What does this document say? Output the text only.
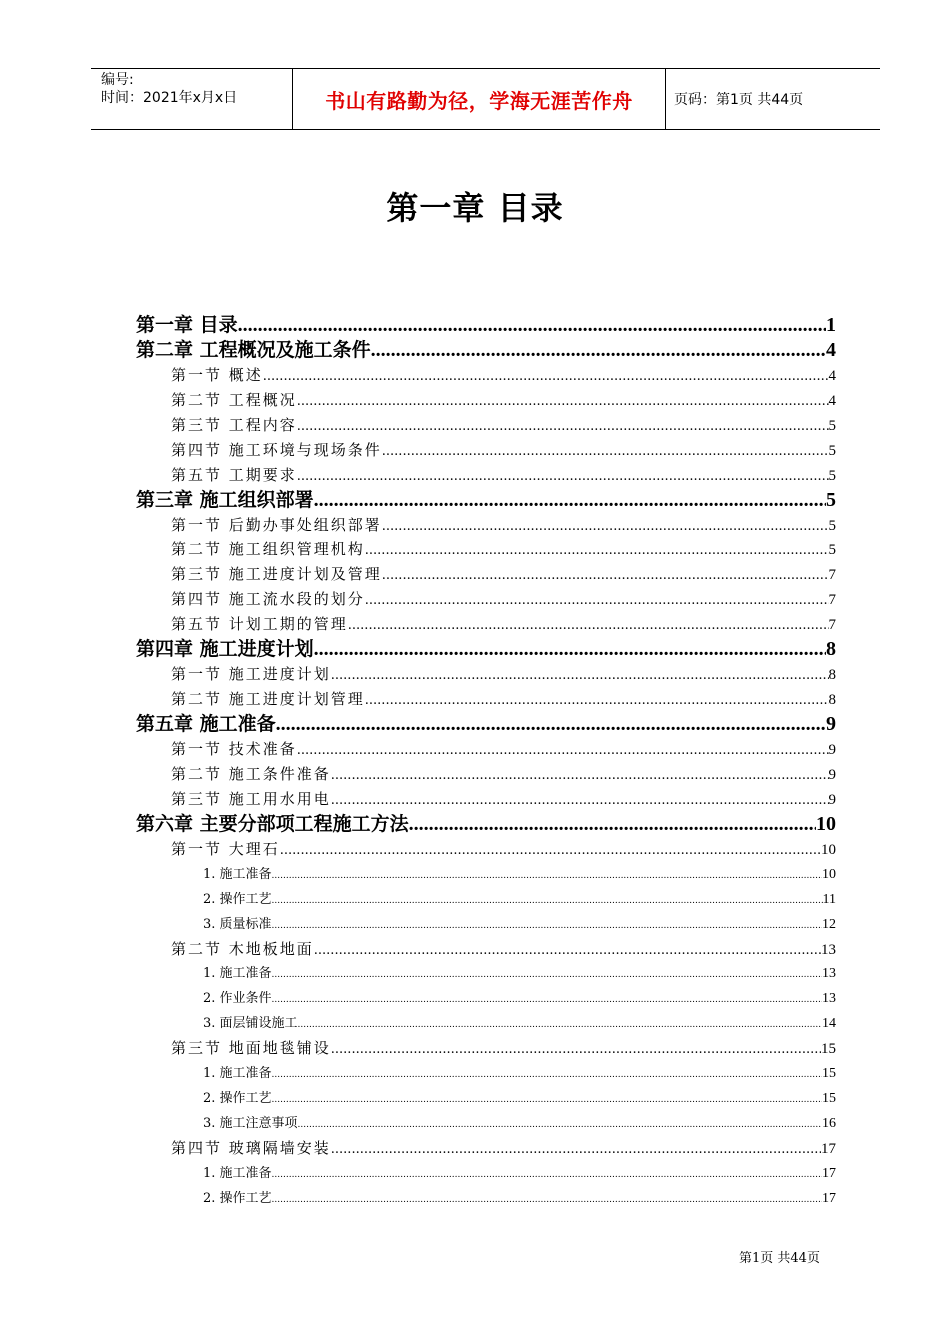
编号:
时间：2021年x月x日	书山有路勤为径，学海无涯苦作舟	页码：第1页 共44页
第一章 目录
第一章 目录 .....	1
第二章 工程概况及施工条件 .....	4
第一节 概述 .....	4
第二节 工程概况 .....	4
第三节 工程内容 .....	5
第四节 施工环境与现场条件 .....	5
第五节 工期要求 .....	5
第三章 施工组织部署 .....	5
第一节 后勤办事处组织部署 .....	5
第二节 施工组织管理机构 .....	5
第三节 施工进度计划及管理 .....	7
第四节 施工流水段的划分 .....	7
第五节 计划工期的管理 .....	7
第四章 施工进度计划 .....	8
第一节 施工进度计划 .....	8
第二节 施工进度计划管理 .....	8
第五章 施工准备 .....	9
第一节 技术准备 .....	9
第二节 施工条件准备 .....	9
第三节 施工用水用电 .....	9
第六章 主要分部项工程施工方法 .....	10
第一节 大理石 .....	10
1. 施工准备 .....	10
2. 操作工艺 .....	11
3. 质量标准 .....	12
第二节 木地板地面 .....	13
1. 施工准备 .....	13
2. 作业条件 .....	13
3. 面层铺设施工 .....	14
第三节 地面地毯铺设 .....	15
1. 施工准备 .....	15
2. 操作工艺 .....	15
3. 施工注意事项 .....	16
第四节 玻璃隔墙安装 .....	17
1. 施工准备 .....	17
2. 操作工艺 .....	17
第1页 共44页
